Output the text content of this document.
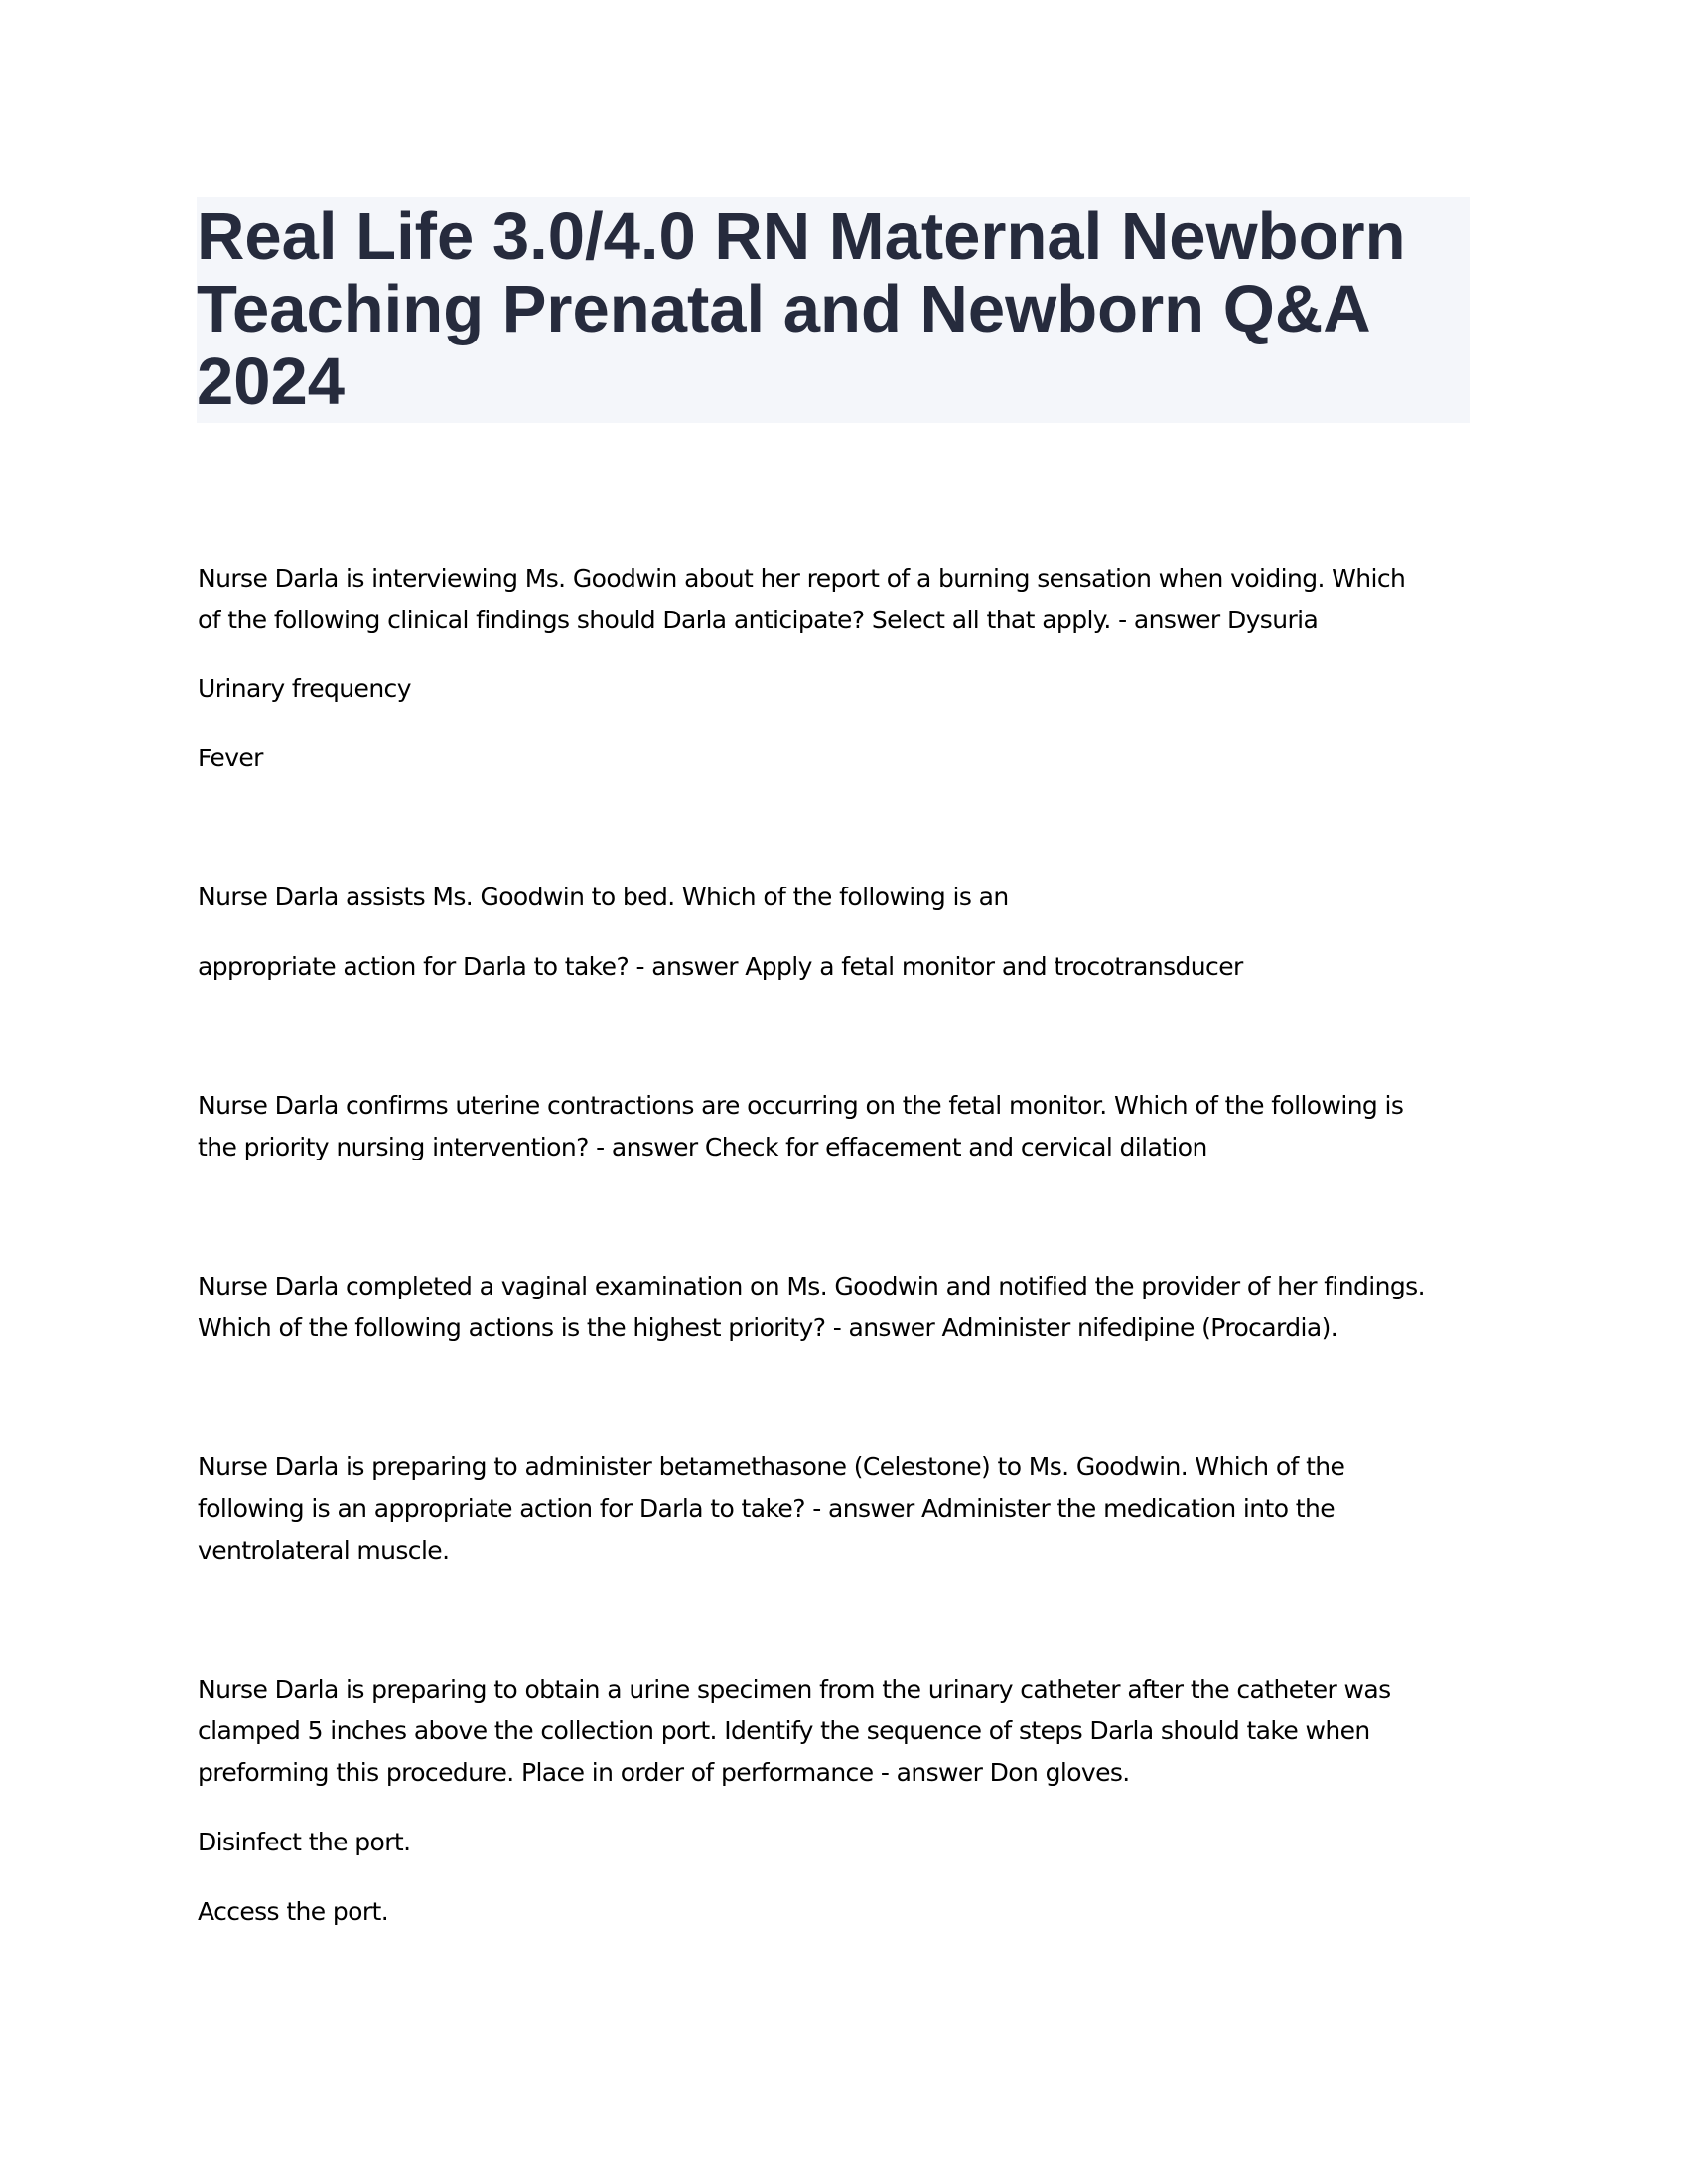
Real Life 3.0/4.0 RN Maternal Newborn Teaching Prenatal and Newborn Q&A 2024

Nurse Darla is interviewing Ms. Goodwin about her report of a burning sensation when voiding. Which
of the following clinical findings should Darla anticipate? Select all that apply. - answer Dysuria

Urinary frequency

Fever

Nurse Darla assists Ms. Goodwin to bed. Which of the following is an

appropriate action for Darla to take? - answer Apply a fetal monitor and trocotransducer

Nurse Darla confirms uterine contractions are occurring on the fetal monitor. Which of the following is
the priority nursing intervention? - answer Check for effacement and cervical dilation

Nurse Darla completed a vaginal examination on Ms. Goodwin and notified the provider of her findings.
Which of the following actions is the highest priority? - answer Administer nifedipine (Procardia).

Nurse Darla is preparing to administer betamethasone (Celestone) to Ms. Goodwin. Which of the
following is an appropriate action for Darla to take? - answer Administer the medication into the
ventrolateral muscle.

Nurse Darla is preparing to obtain a urine specimen from the urinary catheter after the catheter was
clamped 5 inches above the collection port. Identify the sequence of steps Darla should take when
preforming this procedure. Place in order of performance - answer Don gloves.

Disinfect the port.

Access the port.
